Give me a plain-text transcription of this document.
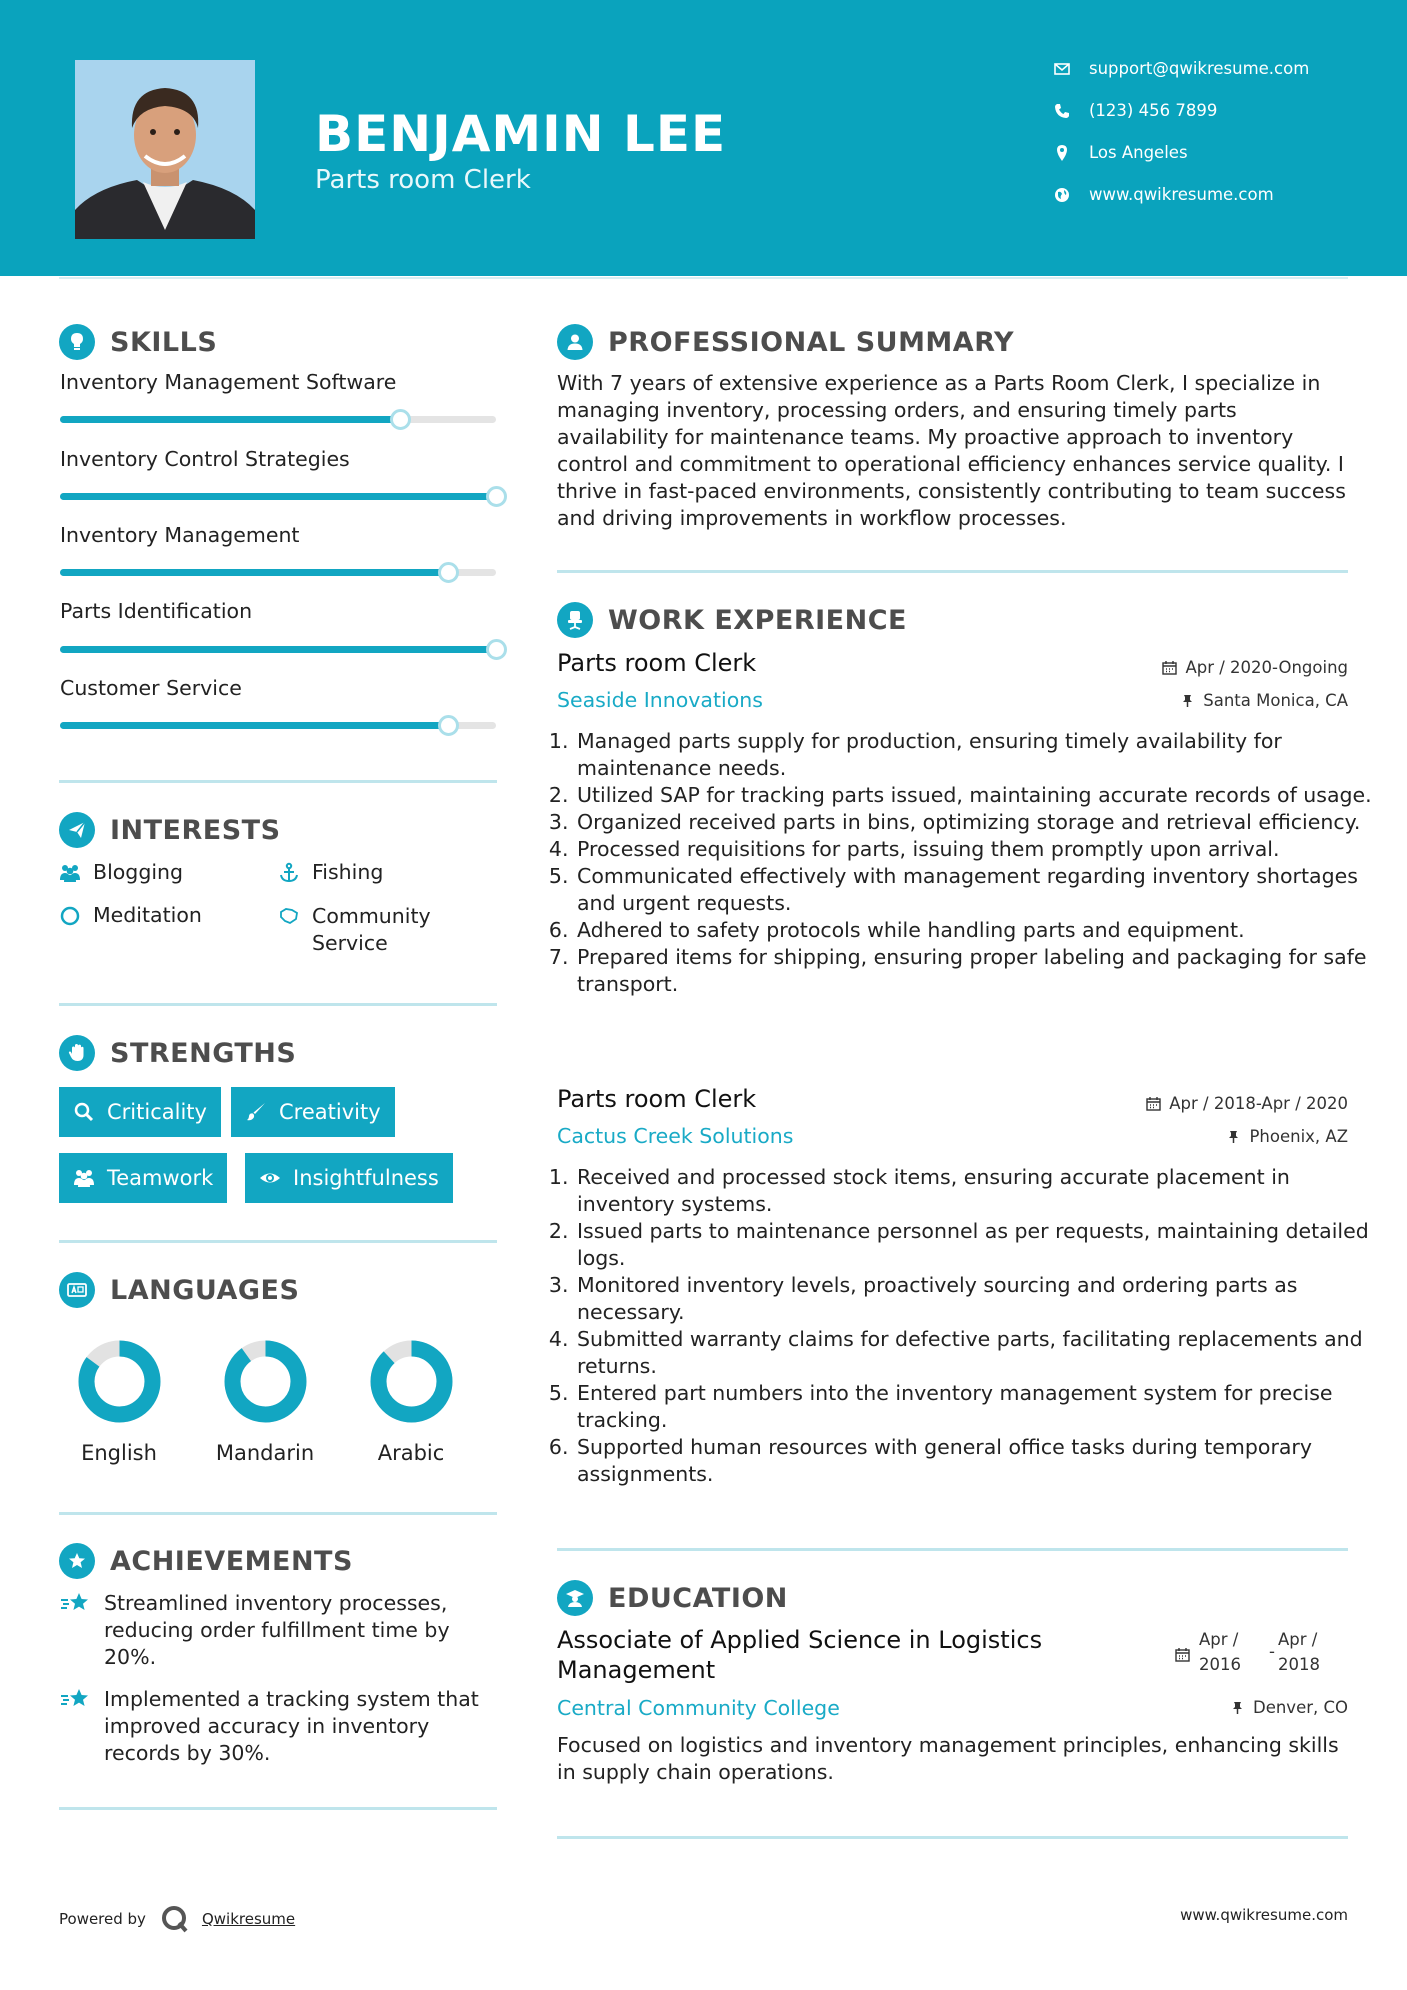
BENJAMIN LEE
Parts room Clerk
support@qwikresume.com
(123) 456 7899
Los Angeles
www.qwikresume.com
SKILLS
Inventory Management Software
Inventory Control Strategies
Inventory Management
Parts Identification
Customer Service
INTERESTS
Blogging	Fishing
Meditation	Community Service
STRENGTHS
Criticality	Creativity
Teamwork	Insightfulness
LANGUAGES
English	Mandarin	Arabic
ACHIEVEMENTS
Streamlined inventory processes, reducing order fulfillment time by 20%.
Implemented a tracking system that improved accuracy in inventory records by 30%.
PROFESSIONAL SUMMARY
With 7 years of extensive experience as a Parts Room Clerk, I specialize in managing inventory, processing orders, and ensuring timely parts availability for maintenance teams. My proactive approach to inventory control and commitment to operational efficiency enhances service quality. I thrive in fast-paced environments, consistently contributing to team success and driving improvements in workflow processes.
WORK EXPERIENCE
Parts room Clerk	Apr / 2020-Ongoing
Seaside Innovations	Santa Monica, CA
1. Managed parts supply for production, ensuring timely availability for maintenance needs.
2. Utilized SAP for tracking parts issued, maintaining accurate records of usage.
3. Organized received parts in bins, optimizing storage and retrieval efficiency.
4. Processed requisitions for parts, issuing them promptly upon arrival.
5. Communicated effectively with management regarding inventory shortages and urgent requests.
6. Adhered to safety protocols while handling parts and equipment.
7. Prepared items for shipping, ensuring proper labeling and packaging for safe transport.
Parts room Clerk	Apr / 2018-Apr / 2020
Cactus Creek Solutions	Phoenix, AZ
1. Received and processed stock items, ensuring accurate placement in inventory systems.
2. Issued parts to maintenance personnel as per requests, maintaining detailed logs.
3. Monitored inventory levels, proactively sourcing and ordering parts as necessary.
4. Submitted warranty claims for defective parts, facilitating replacements and returns.
5. Entered part numbers into the inventory management system for precise tracking.
6. Supported human resources with general office tasks during temporary assignments.
EDUCATION
Associate of Applied Science in Logistics Management
Apr /
2016
-
Apr /
2018
Central Community College	Denver, CO
Focused on logistics and inventory management principles, enhancing skills in supply chain operations.
Powered by	Qwikresume	www.qwikresume.com
